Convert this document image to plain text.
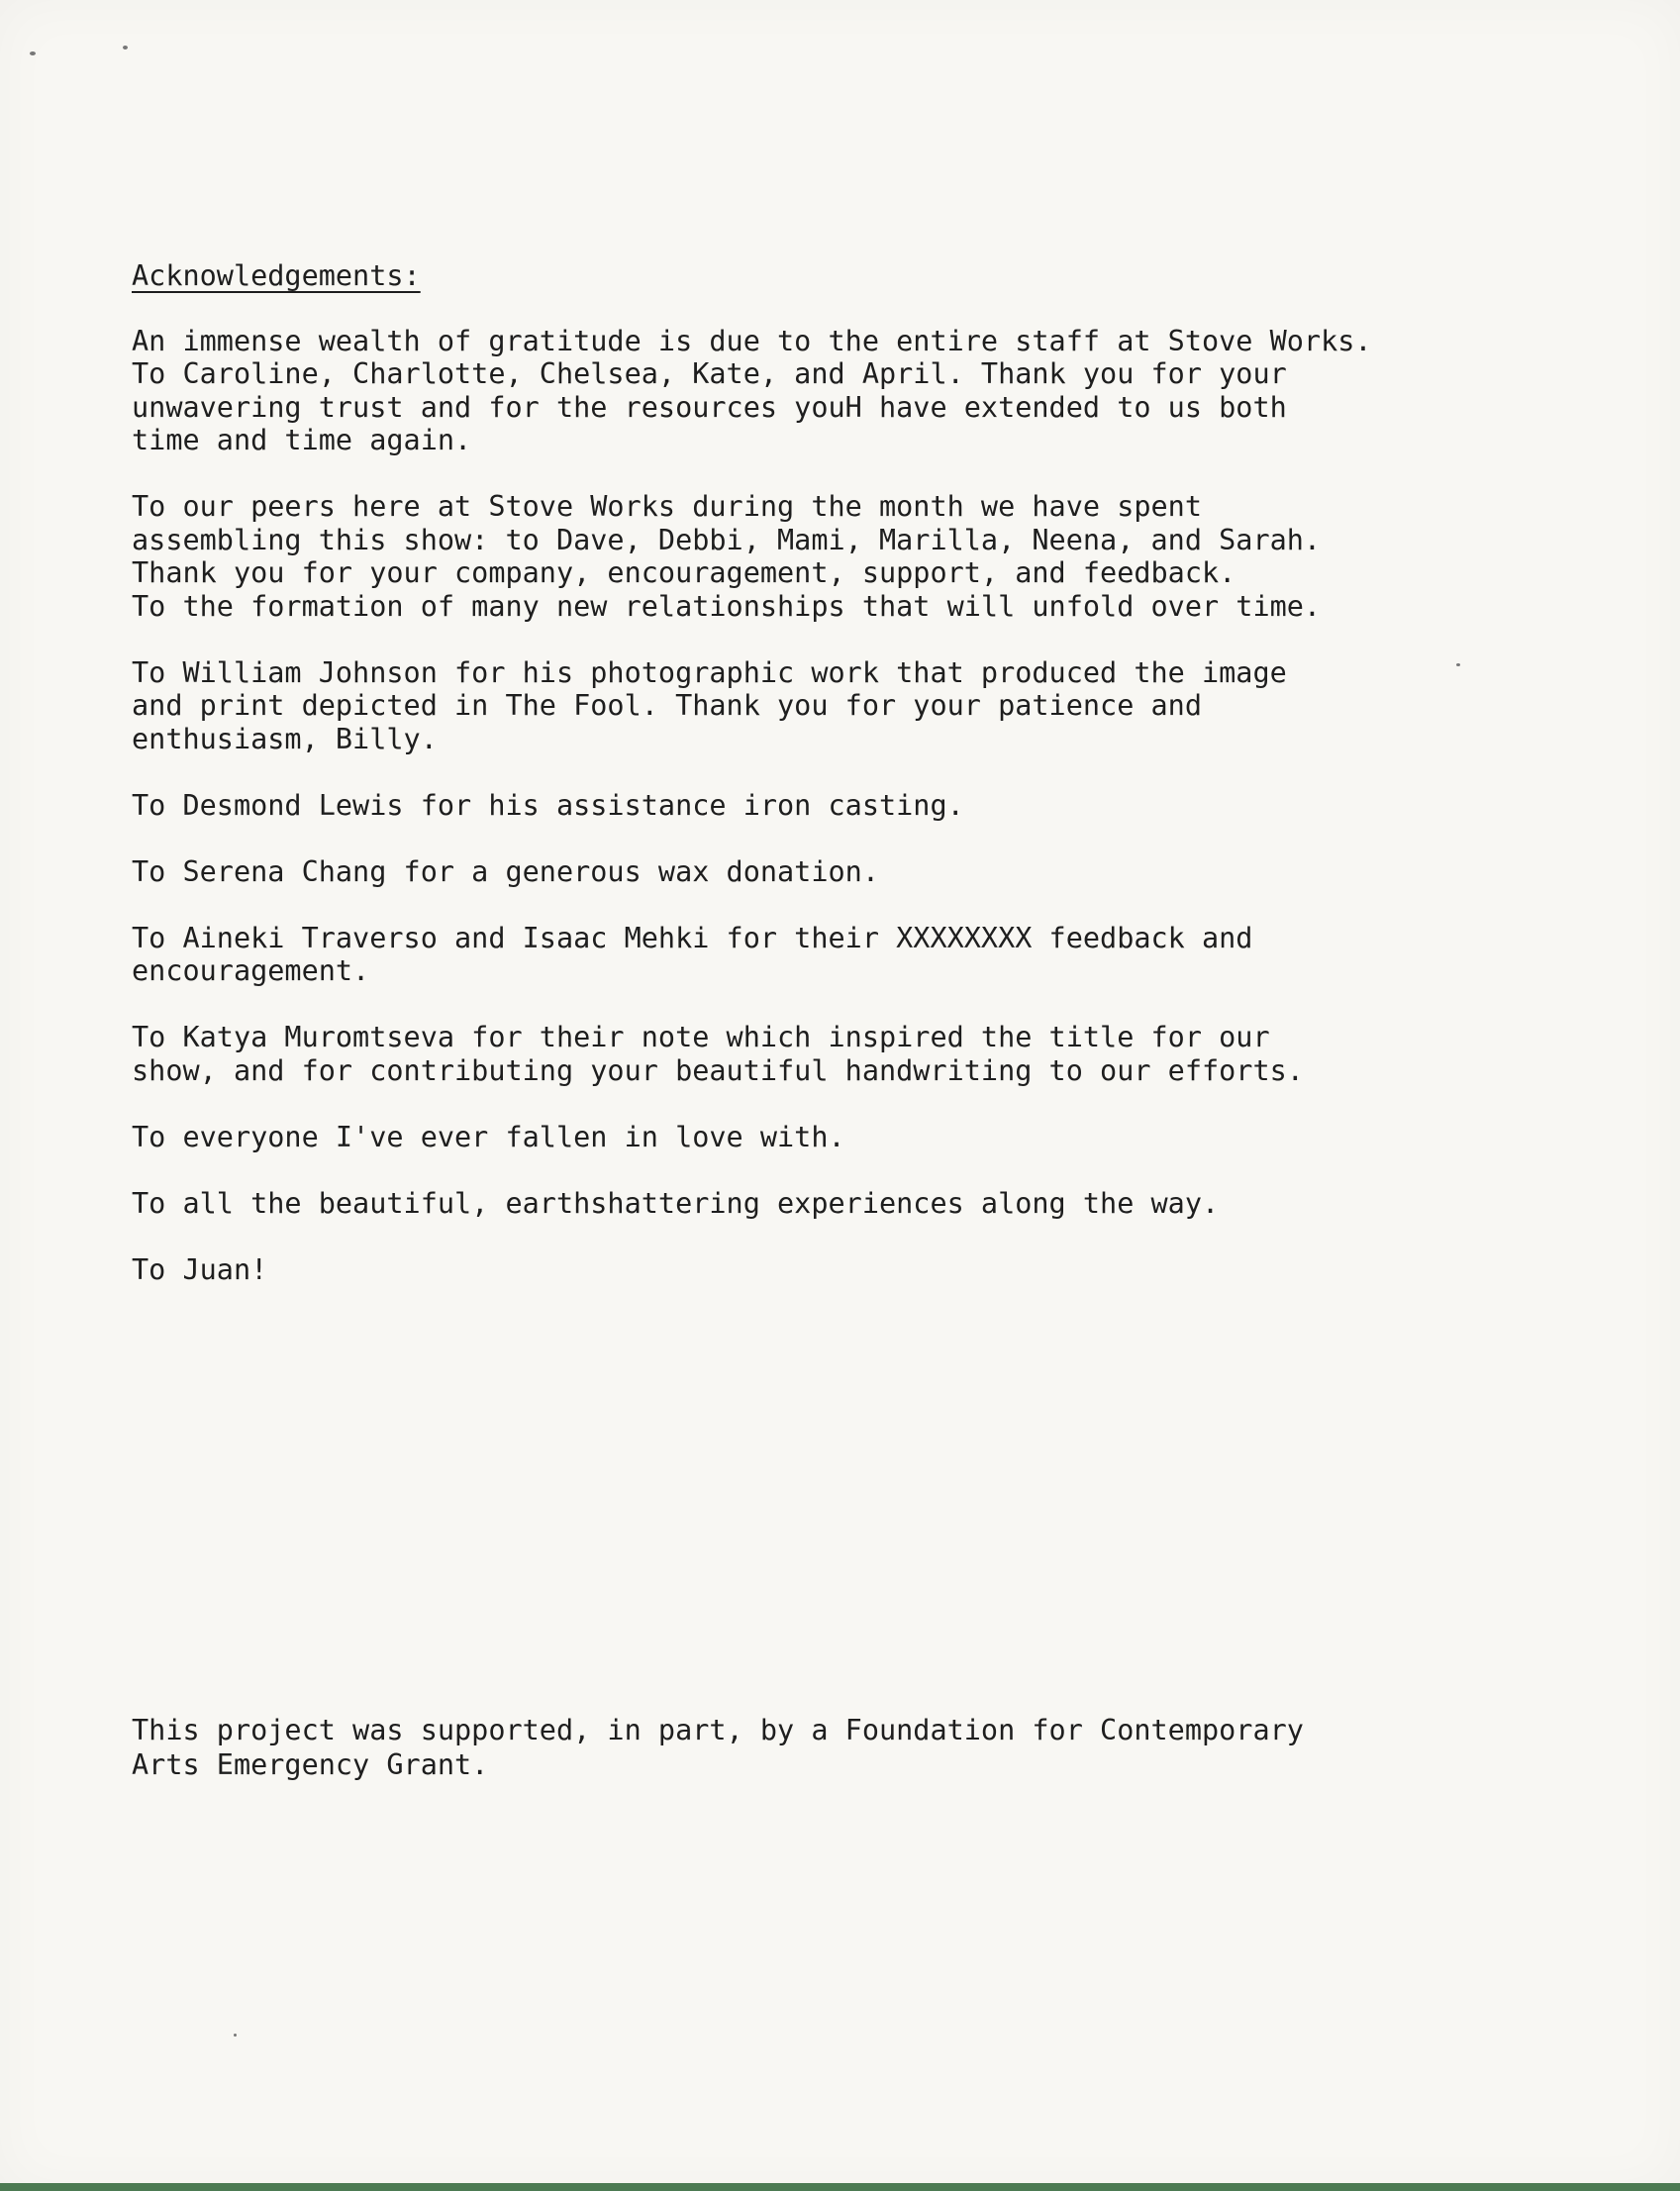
Acknowledgements:
An immense wealth of gratitude is due to the entire staff at Stove Works.
To Caroline, Charlotte, Chelsea, Kate, and April. Thank you for your
unwavering trust and for the resources youH have extended to us both
time and time again.
To our peers here at Stove Works during the month we have spent
assembling this show: to Dave, Debbi, Mami, Marilla, Neena, and Sarah.
Thank you for your company, encouragement, support, and feedback.
To the formation of many new relationships that will unfold over time.
To William Johnson for his photographic work that produced the image
and print depicted in The Fool. Thank you for your patience and
enthusiasm, Billy.
To Desmond Lewis for his assistance iron casting.
To Serena Chang for a generous wax donation.
To Aineki Traverso and Isaac Mehki for their XXXXXXXX feedback and
encouragement.
To Katya Muromtseva for their note which inspired the title for our
show, and for contributing your beautiful handwriting to our efforts.
To everyone I've ever fallen in love with.
To all the beautiful, earthshattering experiences along the way.
To Juan!
This project was supported, in part, by a Foundation for Contemporary
Arts Emergency Grant.
